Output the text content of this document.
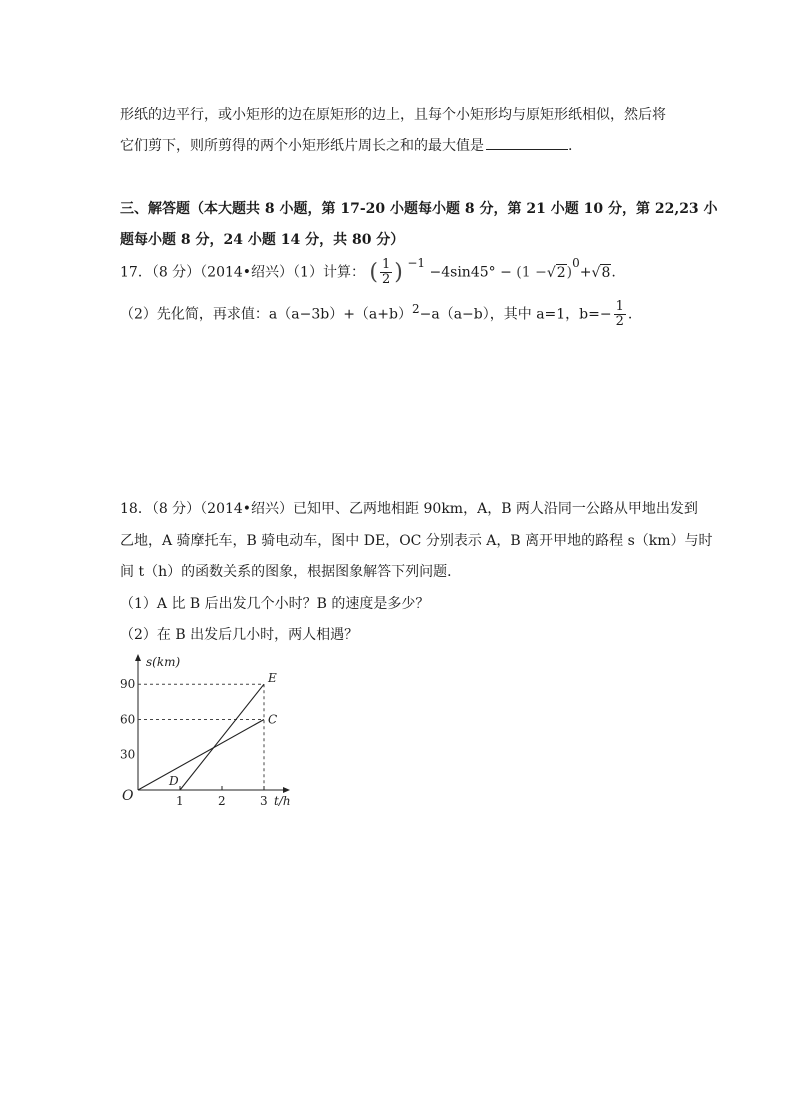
形纸的边平行，或小矩形的边在原矩形的边上，且每个小矩形均与原矩形纸相似，然后将
它们剪下，则所剪得的两个小矩形纸片周长之和的最大值是	.
三、解答题（本大题共 8 小题，第 17-20 小题每小题 8 分，第 21 小题 10 分，第 22,23 小
题每小题 8 分，24 小题 14 分，共 80 分）
17．（8 分）（2014•绍兴）（1）计算： ( $\frac{1}{2}$ ) −1 −4sin45° − (1 −√2)0+√8.
（2）先化简，再求值：a（a−3b）+（a+b）2−a（a−b），其中 a=1，$b=- \frac{1}{2}$ .
18．（8 分）（2014•绍兴）已知甲、乙两地相距 90km，A，B 两人沿同一公路从甲地出发到
乙地，A 骑摩托车，B 骑电动车，图中 DE，OC 分别表示 A，B 离开甲地的路程 s（km）与时
间 t（h）的函数关系的图象，根据图象解答下列问题．
（1）A 比 B 后出发几个小时？B 的速度是多少？
（2）在 B 出发后几小时，两人相遇？
1	2	3
30
60
90
D
E
C
O
s(km)
t/h
